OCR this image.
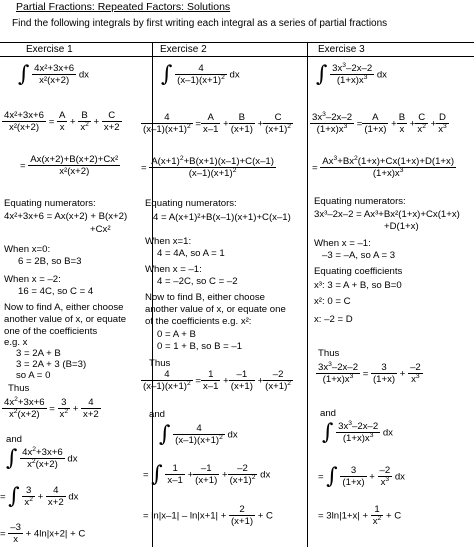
Partial Fractions: Repeated Factors: Solutions
Find the following integrals by first writing each integral as a series of partial fractions
Exercise 1	Exercise 2	Exercise 3
∫ $\frac{\text{4x²+3x+6}}{\text{x²(x+2)}}$ dx
$\frac{\text{4x²+3x+6}}{\text{x²(x+2)}} = \frac{A}{x} + \frac{B}{x^2} + \frac{C}{x+2}$
= $\frac{\text{Ax(x+2)+B(x+2)+Cx²}}{\text{x²(x+2)}}$
Equating numerators:
4x²+3x+6 = Ax(x+2) + B(x+2)
+Cx²
When x=0:
6 = 2B, so B=3
When x = –2:
16 = 4C, so C = 4
Now to find A, either choose
another value of x, or equate
one of the coefficients
e.g. x
3 = 2A + B
3 = 2A + 3 (B=3)
so A = 0
Thus
$\frac{4x^2+3x+6}{x^2(x+2)} = \frac{3}{x^2} + \frac{4}{x+2}$
and
∫ $\frac{4x^2+3x+6}{x^2(x+2)}$ dx
= ∫ $\frac{3}{x^2} + \frac{4}{x+2}$ dx
= $\frac{-3}{x} + 4\ln|x+2| + C$
∫ $\frac{4}{(x-1)(x+1)^2}$ dx
$\frac{4}{(x-1)(x+1)^2} = \frac{A}{x-1} + \frac{B}{(x+1)} + \frac{C}{(x+1)^2}$
= $\frac{A(x+1)^2+B(x+1)(x-1)+C(x-1)}{(x-1)(x+1)^2}$
Equating numerators:
4 = A(x+1)²+B(x–1)(x+1)+C(x–1)
When x=1:
4 = 4A, so A = 1
When x = –1:
4 = –2C, so C = –2
Now to find B, either choose
another value of x, or equate one
of the coefficients e.g. x²:
0 = A + B
0 = 1 + B, so B = –1
Thus
$\frac{4}{(x-1)(x+1)^2} = \frac{1}{x-1} + \frac{-1}{(x+1)} + \frac{-2}{(x+1)^2}$
and
∫ $\frac{4}{(x-1)(x+1)^2}$ dx
= ∫ $\frac{1}{x-1} + \frac{-1}{(x+1)} + \frac{-2}{(x+1)^2}$ dx
= $\ln|x-1| - \ln|x+1| + \frac{2}{(x+1)} + C$
∫ $\frac{3x^3-2x-2}{(1+x)x^3}$ dx
$\frac{3x^3-2x-2}{(1+x)x^3} = \frac{A}{(1+x)} + \frac{B}{x} + \frac{C}{x^2} + \frac{D}{x^3}$
= $\frac{Ax^3+Bx^2(1+x)+Cx(1+x)+D(1+x)}{(1+x)x^3}$
Equating numerators:
3x³–2x–2 = Ax³+Bx²(1+x)+Cx(1+x)
+D(1+x)
When x = –1:
–3 = –A, so A = 3
Equating coefficients
x³: 3 = A + B, so B=0
x²: 0 = C
x: –2 = D
Thus
$\frac{3x^3-2x-2}{(1+x)x^3} = \frac{3}{(1+x)} + \frac{-2}{x^3}$
and
∫ $\frac{3x^3-2x-2}{(1+x)x^3}$ dx
= ∫ $\frac{3}{(1+x)} + \frac{-2}{x^3}$ dx
= $3\ln|1+x| + \frac{1}{x^2} + C$
